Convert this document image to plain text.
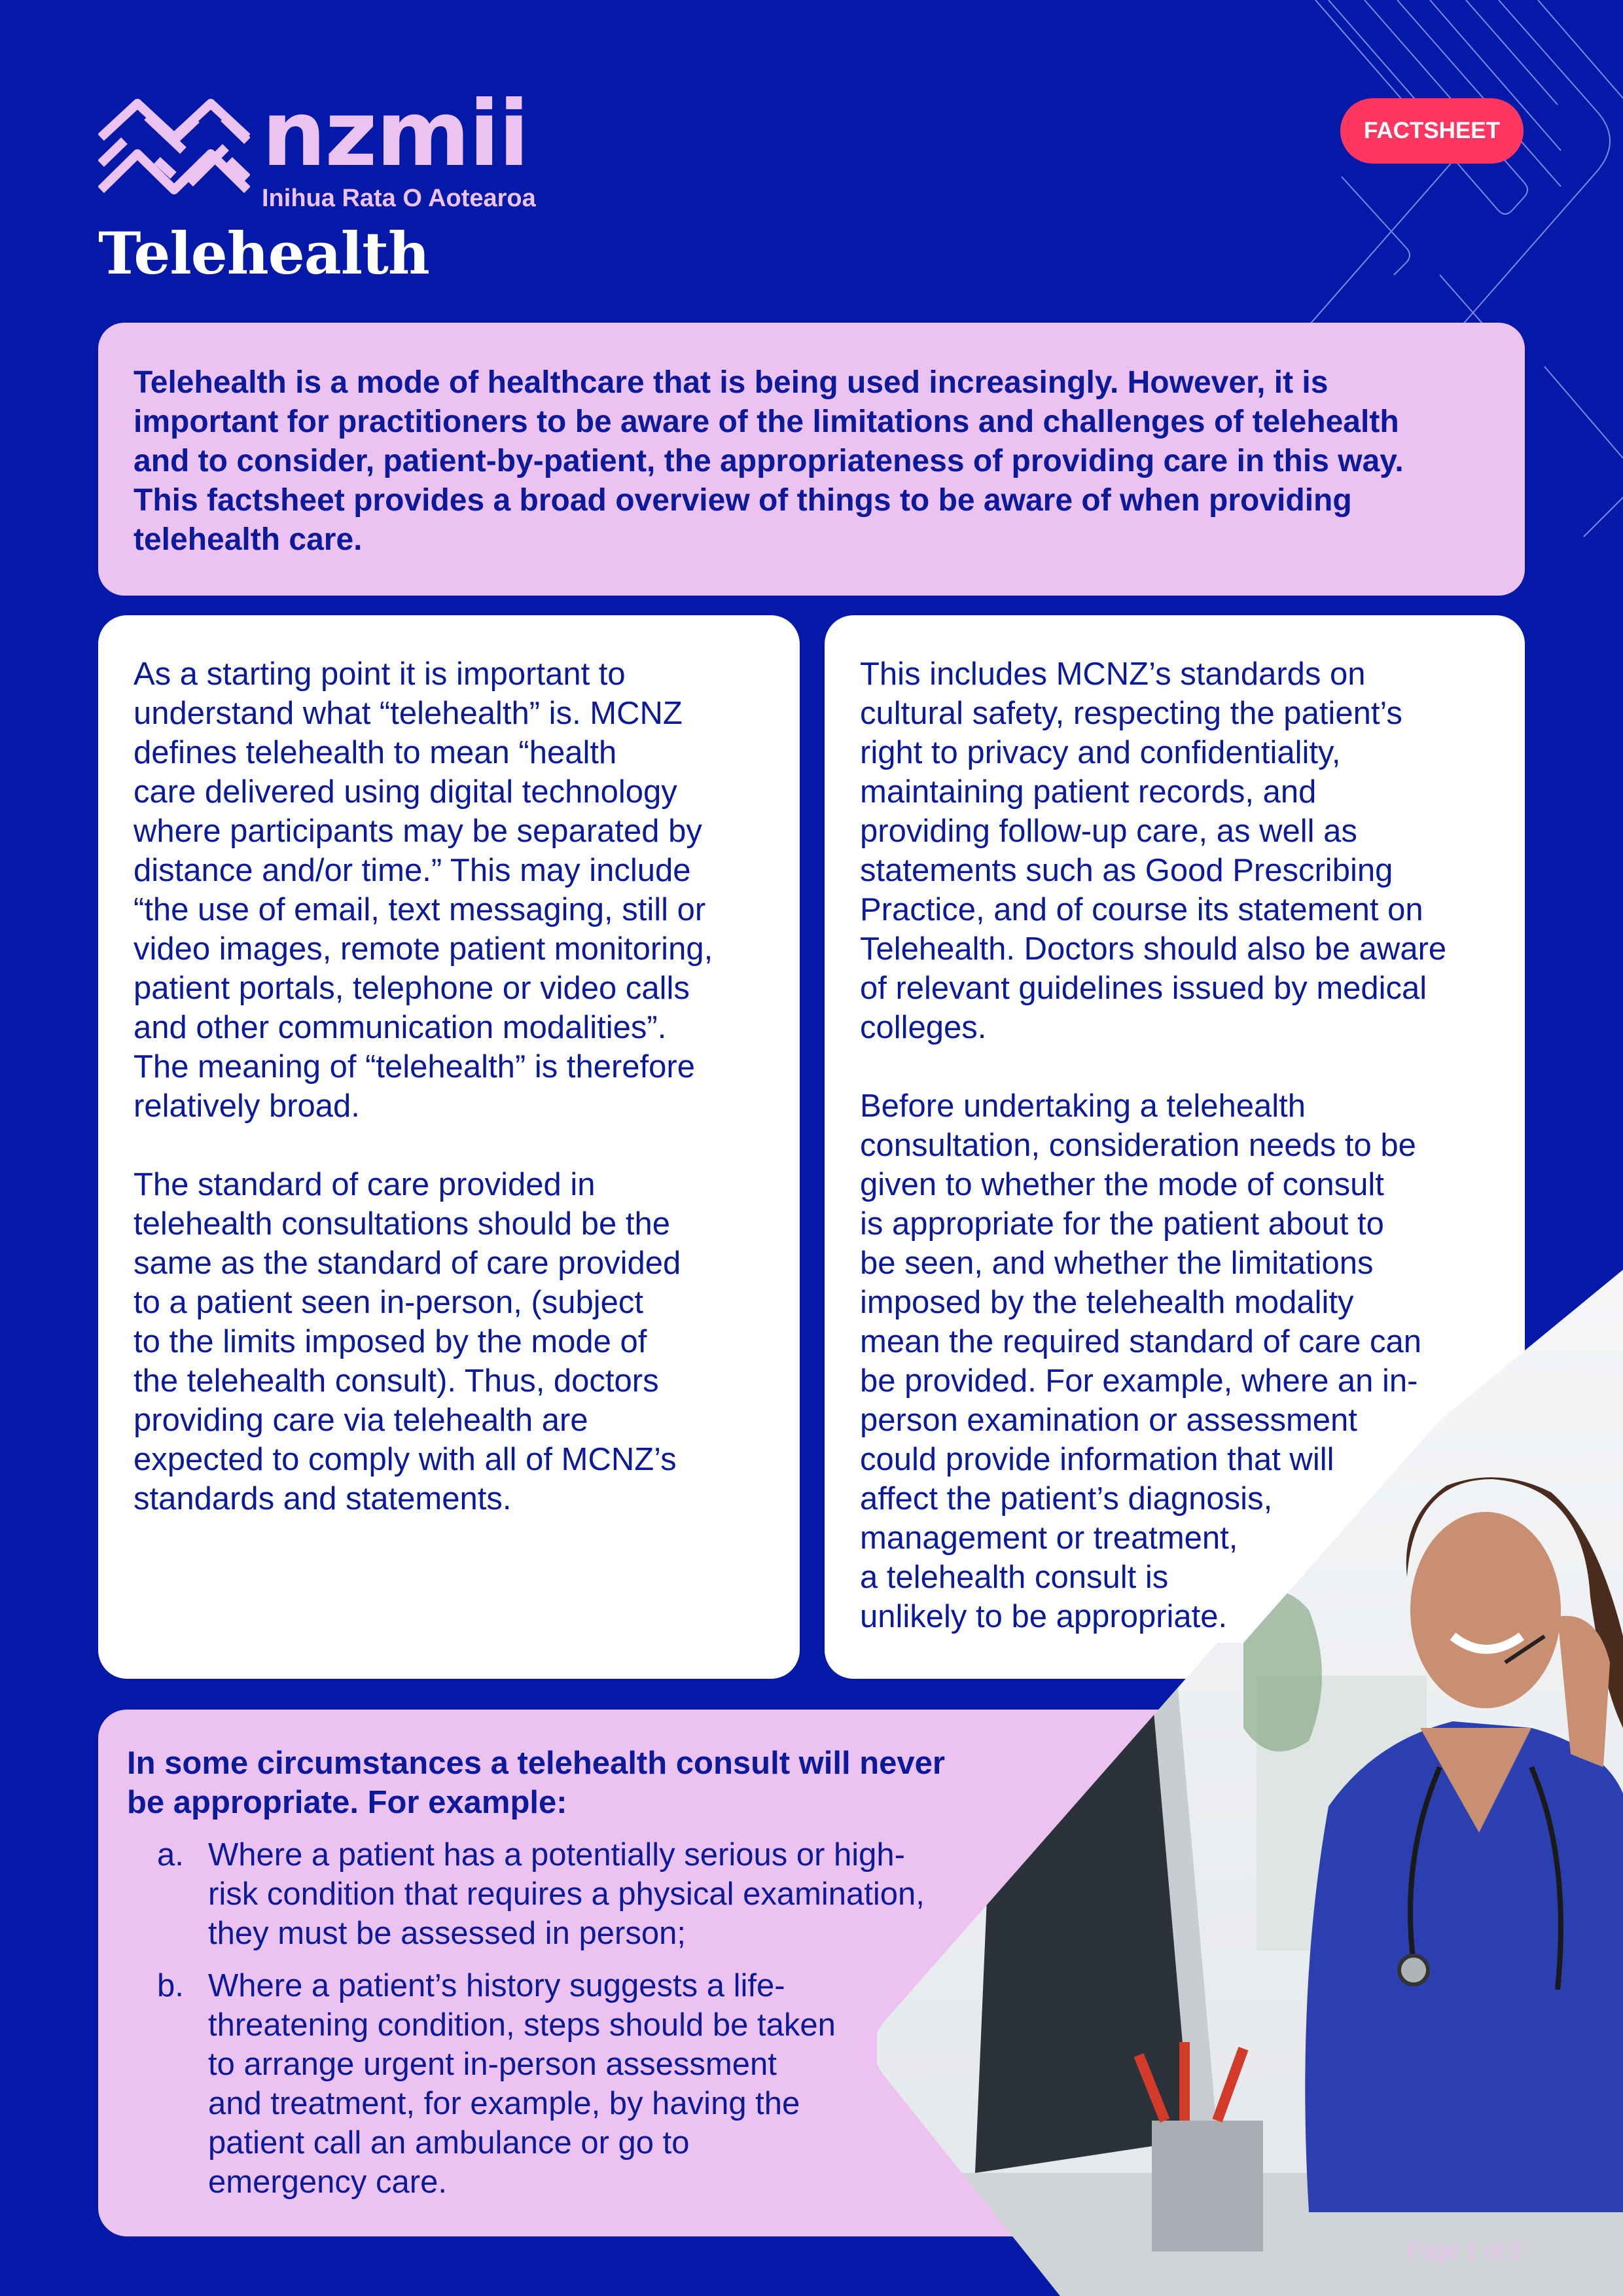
nzmii
Inihua Rata O Aotearoa
FACTSHEET
Telehealth

Telehealth is a mode of healthcare that is being used increasingly. However, it is important for practitioners to be aware of the limitations and challenges of telehealth and to consider, patient-by-patient, the appropriateness of providing care in this way. This factsheet provides a broad overview of things to be aware of when providing telehealth care.

As a starting point it is important to
understand what “telehealth” is. MCNZ
defines telehealth to mean “health
care delivered using digital technology
where participants may be separated by
distance and/or time.” This may include
“the use of email, text messaging, still or
video images, remote patient monitoring,
patient portals, telephone or video calls
and other communication modalities”.
The meaning of “telehealth” is therefore
relatively broad.

The standard of care provided in
telehealth consultations should be the
same as the standard of care provided
to a patient seen in-person, (subject
to the limits imposed by the mode of
the telehealth consult). Thus, doctors
providing care via telehealth are
expected to comply with all of MCNZ’s
standards and statements.

This includes MCNZ’s standards on
cultural safety, respecting the patient’s
right to privacy and confidentiality,
maintaining patient records, and
providing follow-up care, as well as
statements such as Good Prescribing
Practice, and of course its statement on
Telehealth. Doctors should also be aware
of relevant guidelines issued by medical
colleges.

Before undertaking a telehealth
consultation, consideration needs to be
given to whether the mode of consult
is appropriate for the patient about to
be seen, and whether the limitations
imposed by the telehealth modality
mean the required standard of care can
be provided. For example, where an in-
person examination or assessment
could provide information that will
affect the patient’s diagnosis,
management or treatment,
a telehealth consult is
unlikely to be appropriate.

In some circumstances a telehealth consult will never
be appropriate. For example:
a. Where a patient has a potentially serious or high-
risk condition that requires a physical examination,
they must be assessed in person;
b. Where a patient’s history suggests a life-
threatening condition, steps should be taken
to arrange urgent in-person assessment
and treatment, for example, by having the
patient call an ambulance or go to
emergency care.
Page 1 of 3
